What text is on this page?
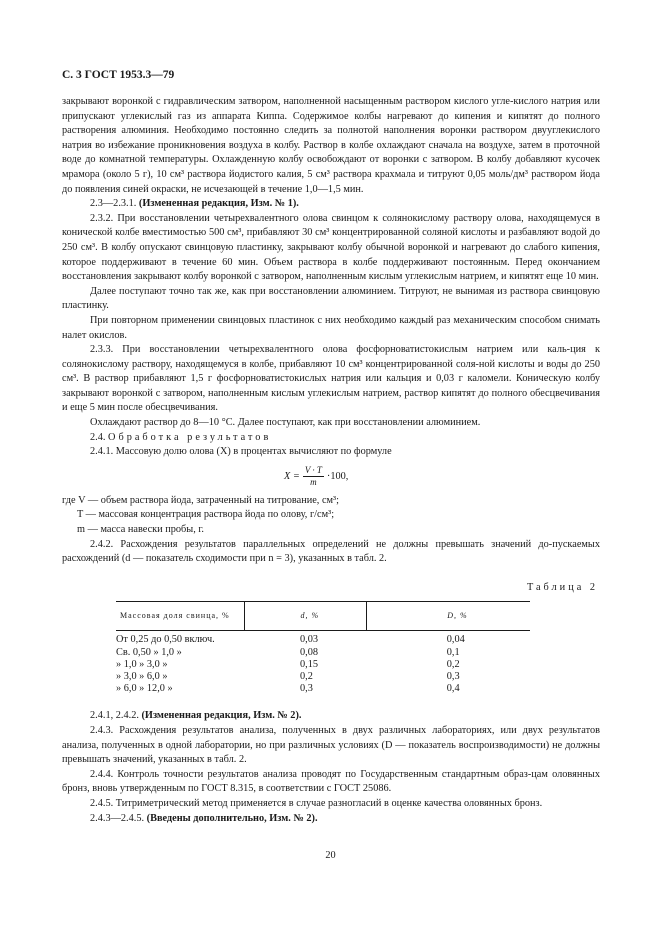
С. 3 ГОСТ 1953.3—79

закрывают воронкой с гидравлическим затвором, наполненной насыщенным раствором кислого угле-кислого натрия или припускают углекислый газ из аппарата Киппа. Содержимое колбы нагревают до кипения и кипятят до полного растворения алюминия. Необходимо постоянно следить за полнотой наполнения воронки раствором двууглекислого натрия во избежание проникновения воздуха в колбу. Раствор в колбе охлаждают сначала на воздухе, затем в проточной воде до комнатной температуры. Охлажденную колбу освобождают от воронки с затвором. В колбу добавляют кусочек мрамора (около 5 г), 10 см³ раствора йодистого калия, 5 см³ раствора крахмала и титруют 0,05 моль/дм³ раствором йода до появления синей окраски, не исчезающей в течение 1,0—1,5 мин.

2.3—2.3.1. (Измененная редакция, Изм. № 1).

2.3.2. При восстановлении четырехвалентного олова свинцом к солянокислому раствору олова, находящемуся в конической колбе вместимостью 500 см³, прибавляют 30 см³ концентрированной соляной кислоты и разбавляют водой до 250 см³. В колбу опускают свинцовую пластинку, закрывают колбу обычной воронкой и нагревают до слабого кипения, которое поддерживают в течение 60 мин. Объем раствора в колбе поддерживают постоянным. Перед окончанием восстановления закрывают колбу воронкой с затвором, наполненным кислым углекислым натрием, и кипятят еще 10 мин.

Далее поступают точно так же, как при восстановлении алюминием. Титруют, не вынимая из раствора свинцовую пластинку.

При повторном применении свинцовых пластинок с них необходимо каждый раз механическим способом снимать налет окислов.

2.3.3. При восстановлении четырехвалентного олова фосфорноватистокислым натрием или каль-ция к солянокислому раствору, находящемуся в колбе, прибавляют 10 см³ концентрированной соля-ной кислоты и воды до 250 см³. В раствор прибавляют 1,5 г фосфорноватистокислых натрия или кальция и 0,03 г каломели. Коническую колбу закрывают воронкой с затвором, наполненным кислым углекислым натрием, раствор кипятят до полного обесцвечивания и еще 5 мин после обесцвечивания.

Охлаждают раствор до 8—10 °С. Далее поступают, как при восстановлении алюминием.

2.4. Обработка результатов

2.4.1. Массовую долю олова (X) в процентах вычисляют по формуле

$X = \frac{V \cdot T}{m} \cdot 100$,

где V — объем раствора йода, затраченный на титрование, см³;

T — массовая концентрация раствора йода по олову, г/см³;

m — масса навески пробы, г.

2.4.2. Расхождения результатов параллельных определений не должны превышать значений до-пускаемых расхождений (d — показатель сходимости при n = 3), указанных в табл. 2.

Таблица 2
Массовая доля свинца, %	d, %	D, %
От 0,25 до 0,50 включ.	0,03	0,04
Св. 0,50 » 1,0 »	0,08	0,1
» 1,0 » 3,0 »	0,15	0,2
» 3,0 » 6,0 »	0,2	0,3
» 6,0 » 12,0 »	0,3	0,4

2.4.1, 2.4.2. (Измененная редакция, Изм. № 2).

2.4.3. Расхождения результатов анализа, полученных в двух различных лабораториях, или двух результатов анализа, полученных в одной лаборатории, но при различных условиях (D — показатель воспроизводимости) не должны превышать значений, указанных в табл. 2.

2.4.4. Контроль точности результатов анализа проводят по Государственным стандартным образ-цам оловянных бронз, вновь утвержденным по ГОСТ 8.315, в соответствии с ГОСТ 25086.

2.4.5. Титриметрический метод применяется в случае разногласий в оценке качества оловянных бронз.

2.4.3—2.4.5. (Введены дополнительно, Изм. № 2).

20
